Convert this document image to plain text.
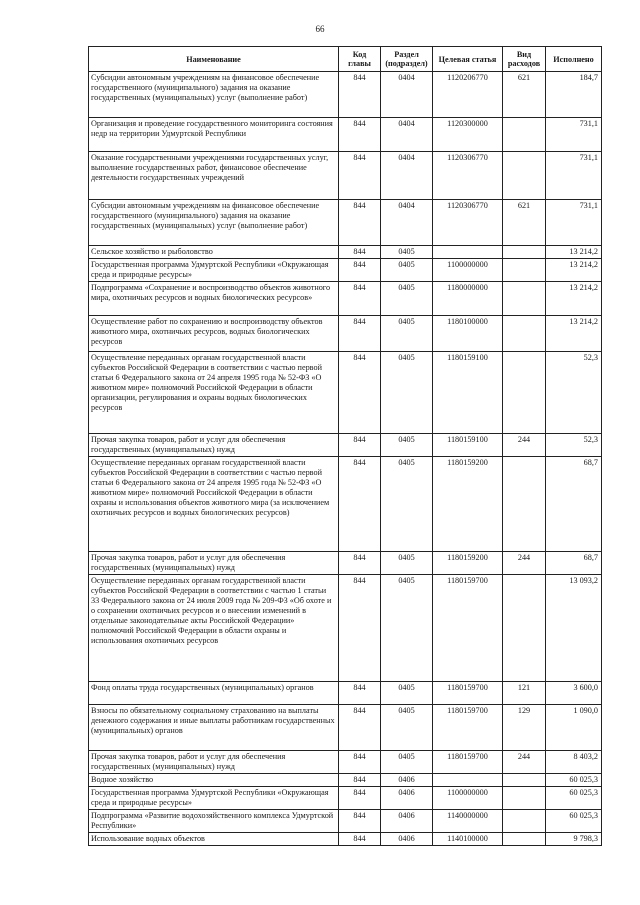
66
Наименование	Код главы	Раздел (подраздел)	Целевая статья	Вид расходов	Исполнено
Субсидии автономным учреждениям на финансовое обеспечение государственного (муниципального) задания на оказание государственных (муниципальных) услуг (выполнение работ)	844	0404	1120206770	621	184,7
Организация и проведение государственного мониторинга состояния недр на территории Удмуртской Республики	844	0404	1120300000		731,1
Оказание государственными учреждениями государственных услуг, выполнение государственных работ, финансовое обеспечение деятельности государственных учреждений	844	0404	1120306770		731,1
Субсидии автономным учреждениям на финансовое обеспечение государственного (муниципального) задания на оказание государственных (муниципальных) услуг (выполнение работ)	844	0404	1120306770	621	731,1
Сельское хозяйство и рыболовство	844	0405			13 214,2
Государственная программа Удмуртской Республики «Окружающая среда и природные ресурсы»	844	0405	1100000000		13 214,2
Подпрограмма «Сохранение и воспроизводство объектов животного мира, охотничьих ресурсов и водных биологических ресурсов»	844	0405	1180000000		13 214,2
Осуществление работ по сохранению и воспроизводству объектов животного мира, охотничьих ресурсов, водных биологических ресурсов	844	0405	1180100000		13 214,2
Осуществление переданных органам государственной власти субъектов Российской Федерации в соответствии с частью первой статьи 6 Федерального закона от 24 апреля 1995 года № 52-ФЗ «О животном мире» полномочий Российской Федерации в области организации, регулирования и охраны водных биологических ресурсов	844	0405	1180159100		52,3
Прочая закупка товаров, работ и услуг для обеспечения государственных (муниципальных) нужд	844	0405	1180159100	244	52,3
Осуществление переданных органам государственной власти субъектов Российской Федерации в соответствии с частью первой статьи 6 Федерального закона от 24 апреля 1995 года № 52-ФЗ «О животном мире» полномочий Российской Федерации в области охраны и использования объектов животного мира (за исключением охотничьих ресурсов и водных биологических ресурсов)	844	0405	1180159200		68,7
Прочая закупка товаров, работ и услуг для обеспечения государственных (муниципальных) нужд	844	0405	1180159200	244	68,7
Осуществление переданных органам государственной власти субъектов Российской Федерации в соответствии с частью 1 статьи 33 Федерального закона от 24 июля 2009 года № 209-ФЗ «Об охоте и о сохранении охотничьих ресурсов и о внесении изменений в отдельные законодательные акты Российской Федерации» полномочий Российской Федерации в области охраны и использования охотничьих ресурсов	844	0405	1180159700		13 093,2
Фонд оплаты труда государственных (муниципальных) органов	844	0405	1180159700	121	3 600,0
Взносы по обязательному социальному страхованию на выплаты денежного содержания и иные выплаты работникам государственных (муниципальных) органов	844	0405	1180159700	129	1 090,0
Прочая закупка товаров, работ и услуг для обеспечения государственных (муниципальных) нужд	844	0405	1180159700	244	8 403,2
Водное хозяйство	844	0406			60 025,3
Государственная программа Удмуртской Республики «Окружающая среда и природные ресурсы»	844	0406	1100000000		60 025,3
Подпрограмма «Развитие водохозяйственного комплекса Удмуртской Республики»	844	0406	1140000000		60 025,3
Использование водных объектов	844	0406	1140100000		9 798,3
